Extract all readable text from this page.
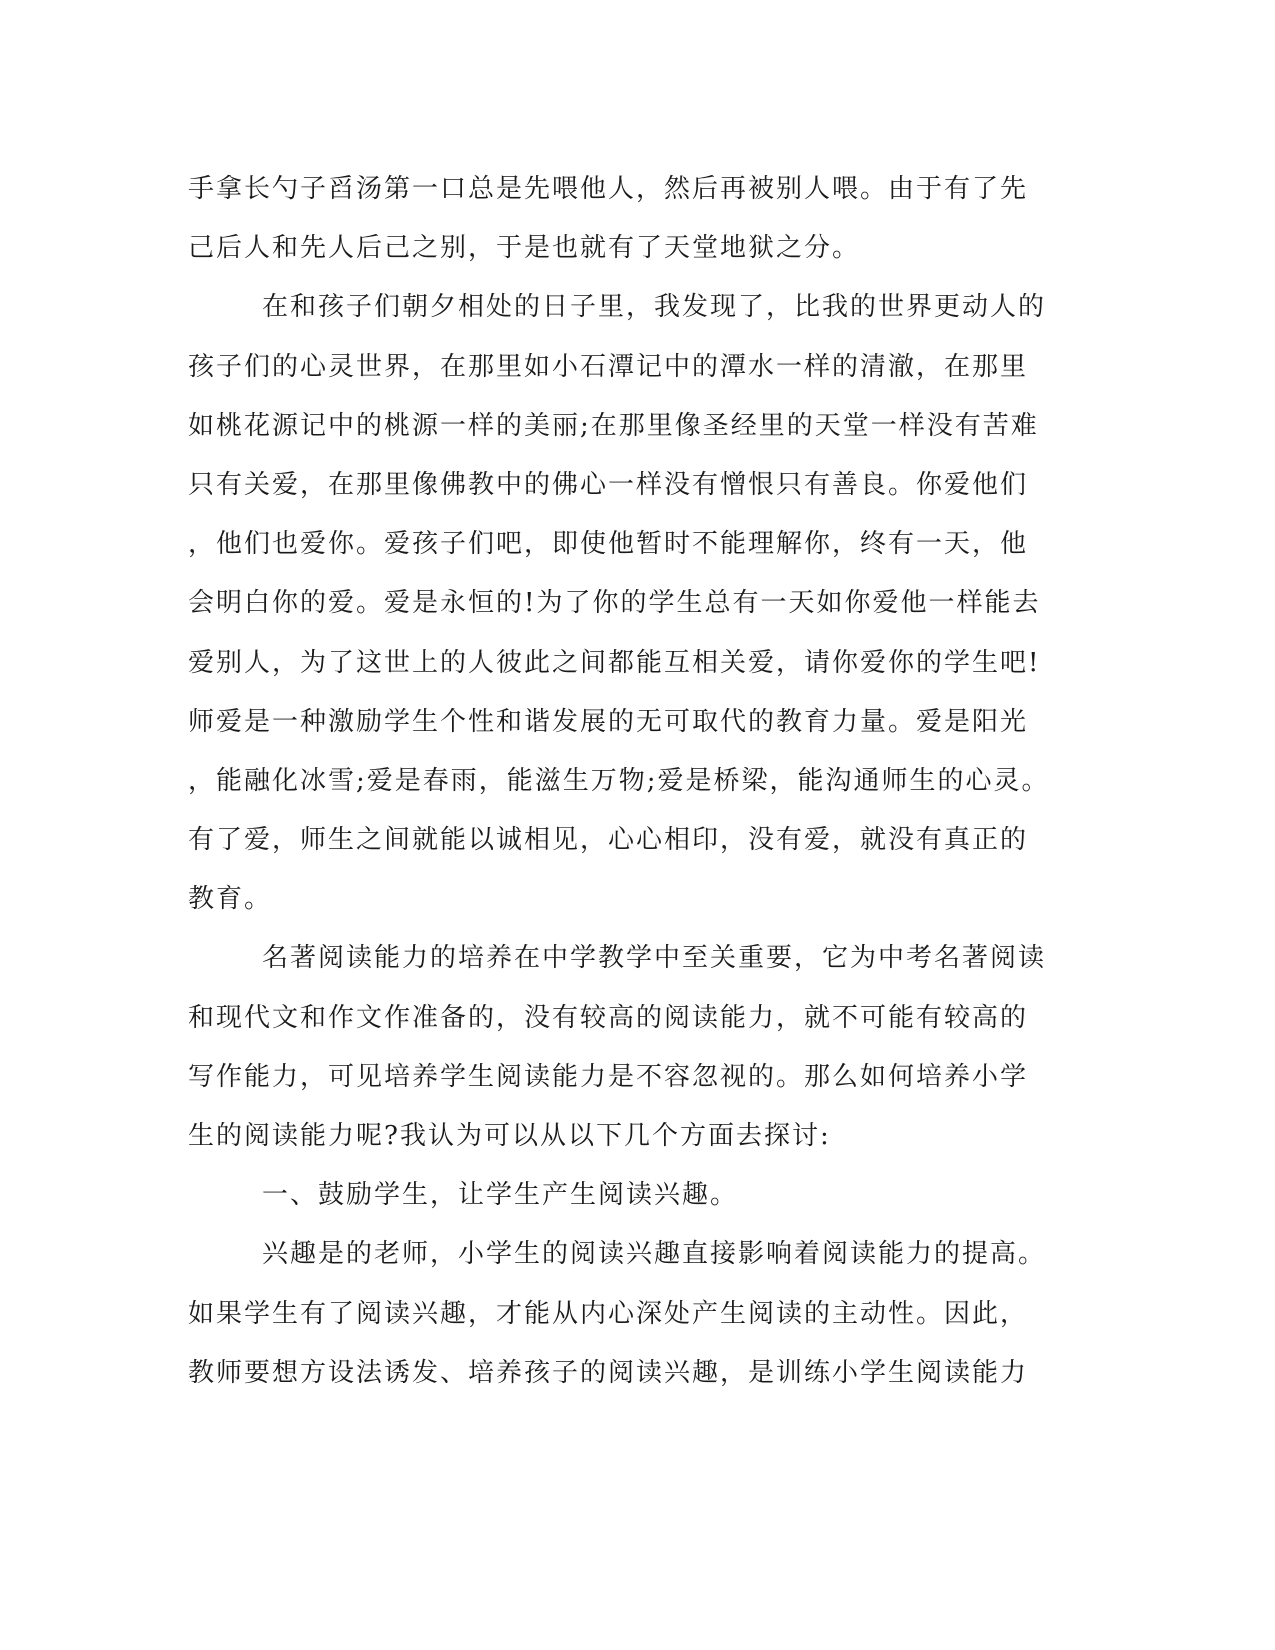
手拿长勺子舀汤第一口总是先喂他人，然后再被别人喂。由于有了先
己后人和先人后己之别，于是也就有了天堂地狱之分。
在和孩子们朝夕相处的日子里，我发现了，比我的世界更动人的
孩子们的心灵世界，在那里如小石潭记中的潭水一样的清澈，在那里
如桃花源记中的桃源一样的美丽;在那里像圣经里的天堂一样没有苦难
只有关爱，在那里像佛教中的佛心一样没有憎恨只有善良。你爱他们
，他们也爱你。爱孩子们吧，即使他暂时不能理解你，终有一天，他
会明白你的爱。爱是永恒的!为了你的学生总有一天如你爱他一样能去
爱别人，为了这世上的人彼此之间都能互相关爱，请你爱你的学生吧!
师爱是一种激励学生个性和谐发展的无可取代的教育力量。爱是阳光
，能融化冰雪;爱是春雨，能滋生万物;爱是桥梁，能沟通师生的心灵。
有了爱，师生之间就能以诚相见，心心相印，没有爱，就没有真正的
教育。
名著阅读能力的培养在中学教学中至关重要，它为中考名著阅读
和现代文和作文作准备的，没有较高的阅读能力，就不可能有较高的
写作能力，可见培养学生阅读能力是不容忽视的。那么如何培养小学
生的阅读能力呢?我认为可以从以下几个方面去探讨:
一、鼓励学生，让学生产生阅读兴趣。
兴趣是的老师，小学生的阅读兴趣直接影响着阅读能力的提高。
如果学生有了阅读兴趣，才能从内心深处产生阅读的主动性。因此，
教师要想方设法诱发、培养孩子的阅读兴趣，是训练小学生阅读能力
